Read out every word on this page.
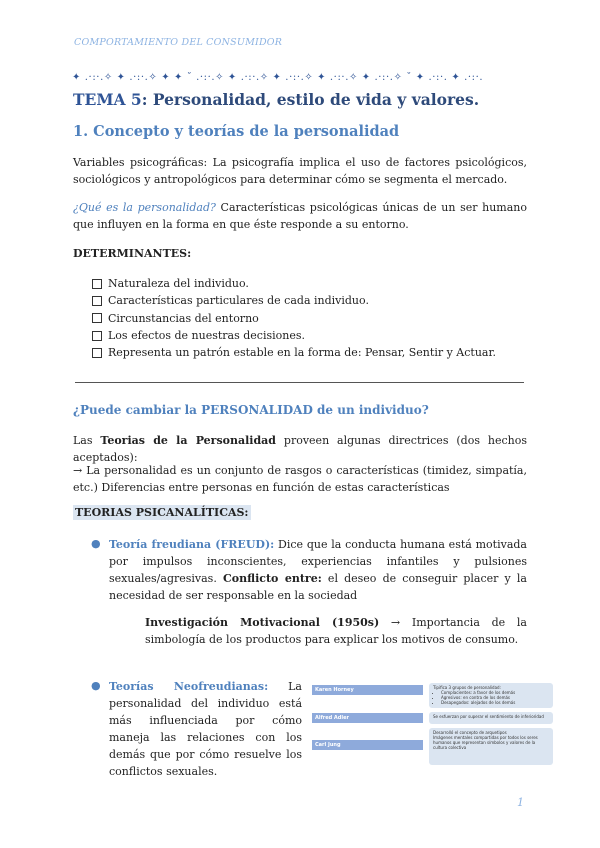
COMPORTAMIENTO DEL CONSUMIDOR
✦ .·:·.✧ ✦ .·:·.✧ ✦ ✦ ˚ .·:·.✧ ✦ .·:·.✧ ✦ .·:·.✧ ✦ .·:·.✧ ✦ .·:·.✧ ˚ ✦ .·:·. ✦ .·:·.
TEMA 5: Personalidad, estilo de vida y valores.
1. Concepto y teorías de la personalidad
Variables psicográficas: La psicografía implica el uso de factores psicológicos, sociológicos y antropológicos para determinar cómo se segmenta el mercado.
¿Qué es la personalidad? Características psicológicas únicas de un ser humano que influyen en la forma en que éste responde a su entorno.
DETERMINANTES:
Naturaleza del individuo.
Características particulares de cada individuo.
Circunstancias del entorno
Los efectos de nuestras decisiones.
Representa un patrón estable en la forma de: Pensar, Sentir y Actuar.
¿Puede cambiar la PERSONALIDAD de un individuo?
Las Teorias de la Personalidad proveen algunas directrices (dos hechos aceptados):
→ La personalidad es un conjunto de rasgos o características (timidez, simpatía, etc.) Diferencias entre personas en función de estas características
TEORIAS PSICANALÍTICAS:
● Teoría freudiana (FREUD): Dice que la conducta humana está motivada por impulsos inconscientes, experiencias infantiles y pulsiones sexuales/agresivas. Conflicto entre: el deseo de conseguir placer y la necesidad de ser responsable en la sociedad
Investigación Motivacional (1950s) → Importancia de la simbología de los productos para explicar los motivos de consumo.
● Teorías Neofreudianas: La personalidad del individuo está más influenciada por cómo maneja las relaciones con los demás que por cómo resuelve los conflictos sexuales.
Karen Horney
Alfred Adler
Carl Jung
Tipifica 3 grupos de personalidad:
• Complacientes: a favor de los demás
• Agresivos: en contra de los demás
• Desapegados: alejados de los demás
Se esfuerzan por superar el sentimiento de inferioridad
Desarrolló el concepto de arquetipos
Imágenes mentales compartidas por todos los seres humanos que representan símbolos y valores de la cultura colectiva
1
